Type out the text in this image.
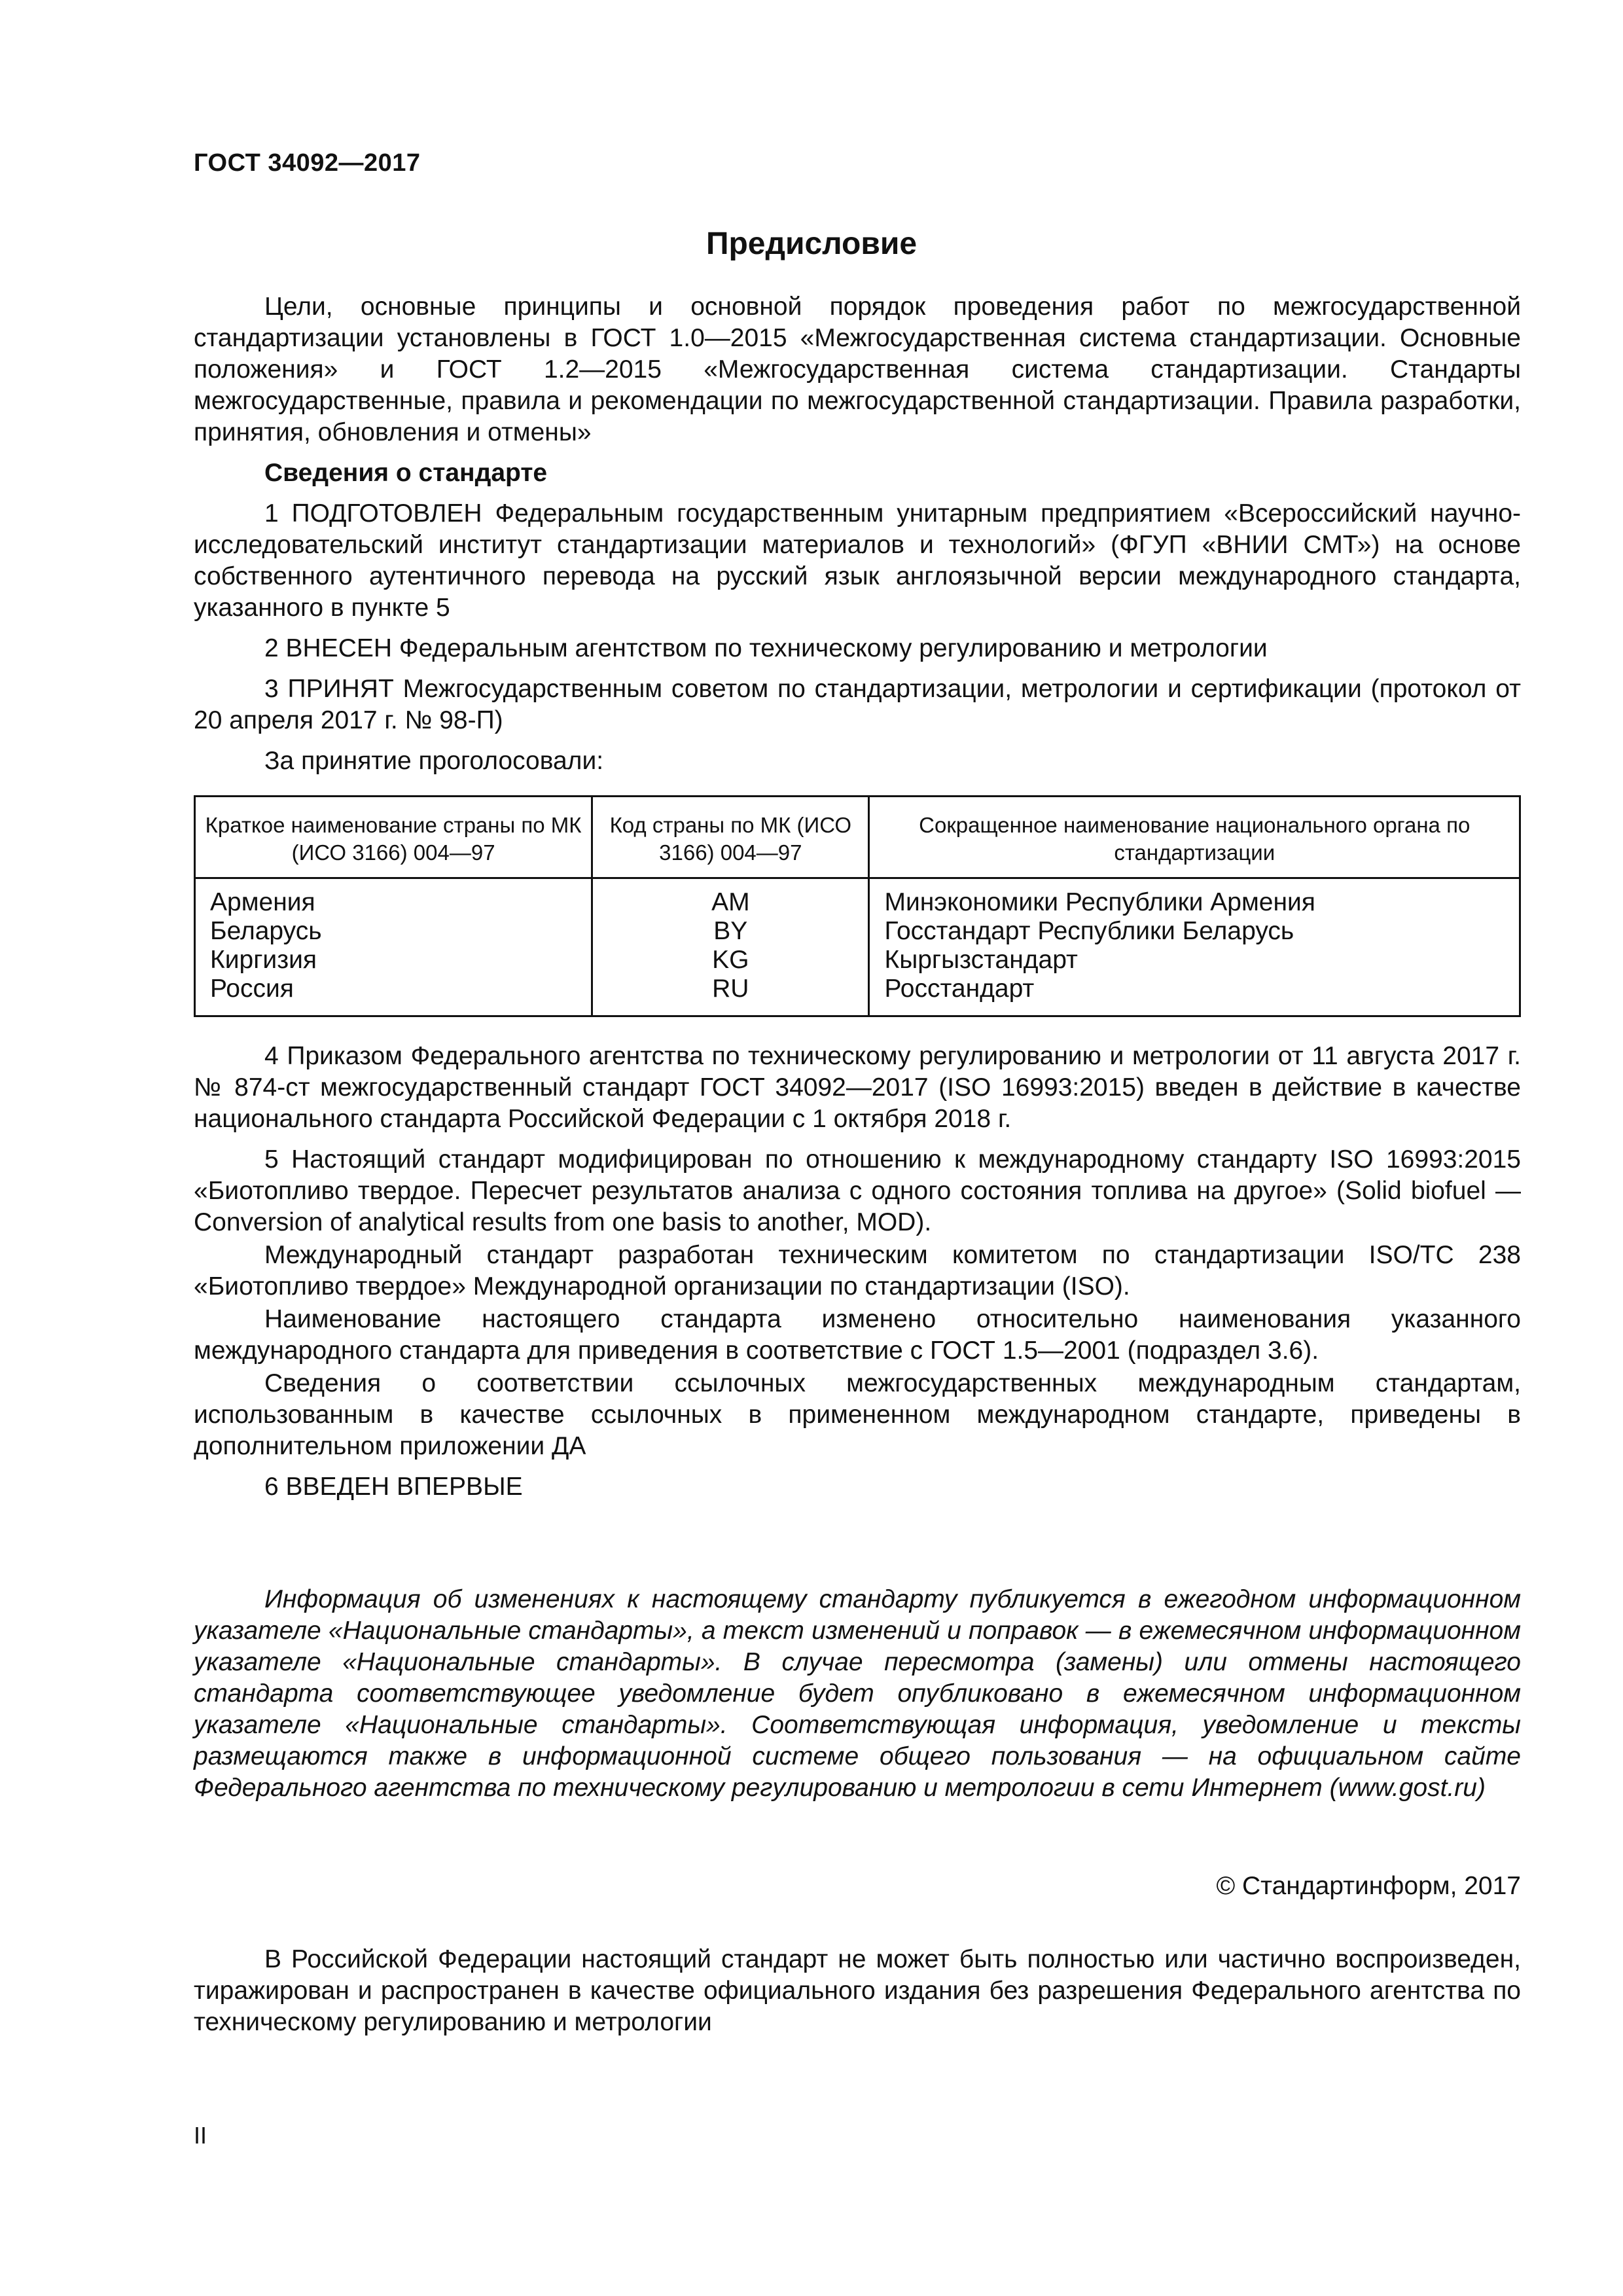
ГОСТ 34092—2017
Предисловие

Цели, основные принципы и основной порядок проведения работ по межгосударственной стандартизации установлены в ГОСТ 1.0—2015 «Межгосударственная система стандартизации. Основные положения» и ГОСТ 1.2—2015 «Межгосударственная система стандартизации. Стандарты межгосударственные, правила и рекомендации по межгосударственной стандартизации. Правила разработки, принятия, обновления и отмены»

Сведения о стандарте

1 ПОДГОТОВЛЕН Федеральным государственным унитарным предприятием «Всероссийский научно-исследовательский институт стандартизации материалов и технологий» (ФГУП «ВНИИ СМТ») на основе собственного аутентичного перевода на русский язык англоязычной версии международного стандарта, указанного в пункте 5

2 ВНЕСЕН Федеральным агентством по техническому регулированию и метрологии

3 ПРИНЯТ Межгосударственным советом по стандартизации, метрологии и сертификации (протокол от 20 апреля 2017 г. № 98-П)

За принятие проголосовали:

Краткое наименование страны по МК (ИСО 3166) 004—97	Код страны по МК (ИСО 3166) 004—97	Сокращенное наименование национального органа по стандартизации
Армения	AM	Минэкономики Республики Армения
Беларусь	BY	Госстандарт Республики Беларусь
Киргизия	KG	Кыргызстандарт
Россия	RU	Росстандарт

4 Приказом Федерального агентства по техническому регулированию и метрологии от 11 августа 2017 г. № 874-ст межгосударственный стандарт ГОСТ 34092—2017 (ISO 16993:2015) введен в действие в качестве национального стандарта Российской Федерации с 1 октября 2018 г.

5 Настоящий стандарт модифицирован по отношению к международному стандарту ISO 16993:2015 «Биотопливо твердое. Пересчет результатов анализа с одного состояния топлива на другое» (Solid biofuel — Conversion of analytical results from one basis to another, MOD).

Международный стандарт разработан техническим комитетом по стандартизации ISO/TC 238 «Биотопливо твердое» Международной организации по стандартизации (ISO).

Наименование настоящего стандарта изменено относительно наименования указанного международного стандарта для приведения в соответствие с ГОСТ 1.5—2001 (подраздел 3.6).

Сведения о соответствии ссылочных межгосударственных международным стандартам, использованным в качестве ссылочных в примененном международном стандарте, приведены в дополнительном приложении ДА

6 ВВЕДЕН ВПЕРВЫЕ

Информация об изменениях к настоящему стандарту публикуется в ежегодном информационном указателе «Национальные стандарты», а текст изменений и поправок — в ежемесячном информационном указателе «Национальные стандарты». В случае пересмотра (замены) или отмены настоящего стандарта соответствующее уведомление будет опубликовано в ежемесячном информационном указателе «Национальные стандарты». Соответствующая информация, уведомление и тексты размещаются также в информационной системе общего пользования — на официальном сайте Федерального агентства по техническому регулированию и метрологии в сети Интернет (www.gost.ru)
© Стандартинформ, 2017
В Российской Федерации настоящий стандарт не может быть полностью или частично воспроизведен, тиражирован и распространен в качестве официального издания без разрешения Федерального агентства по техническому регулированию и метрологии
II
